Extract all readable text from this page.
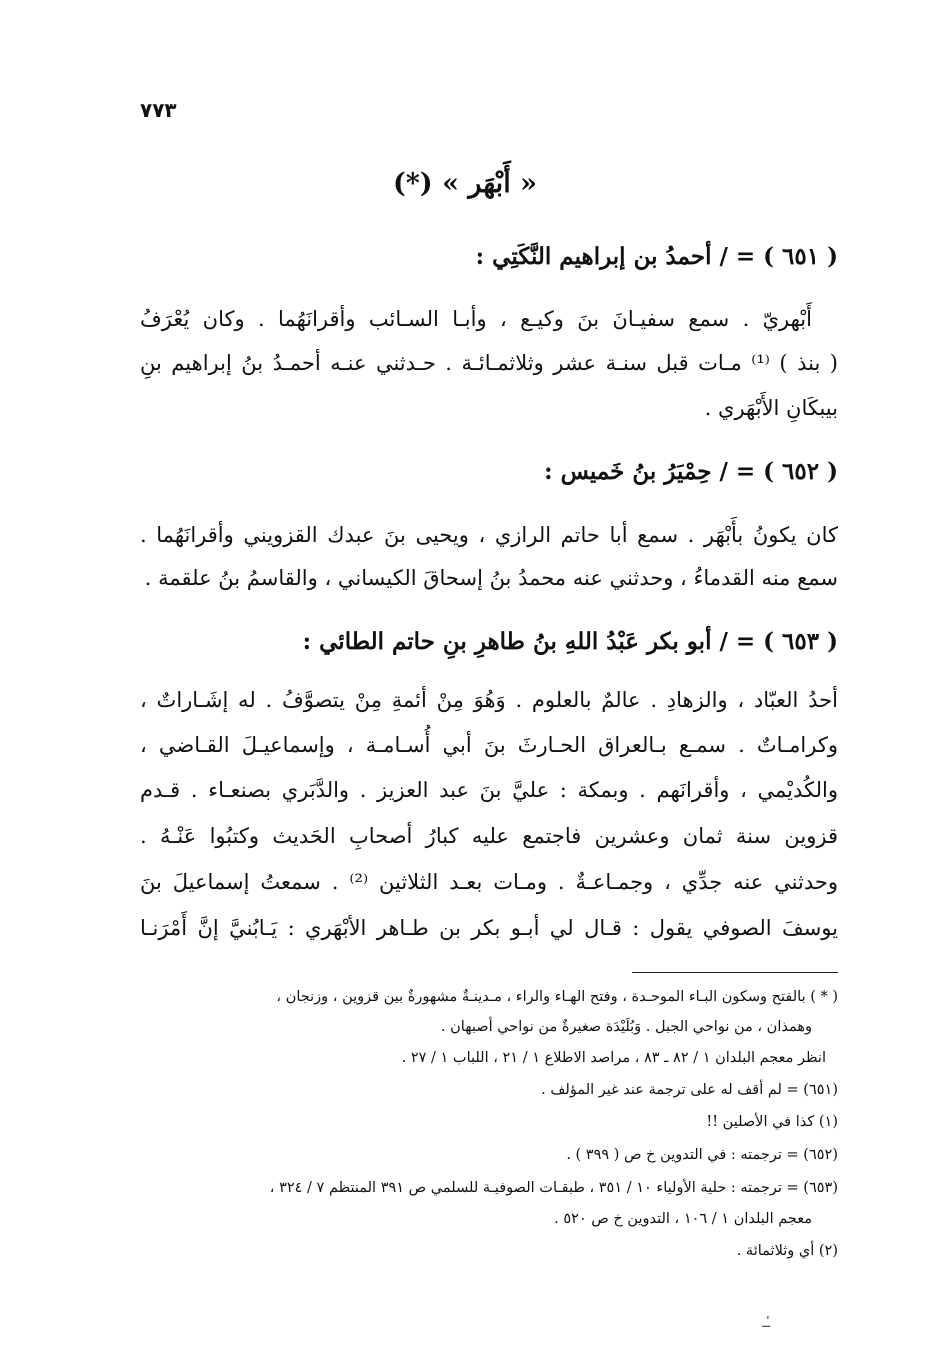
٧٧٣
« أَبْهَر » (*)
( ٦٥١ ) = / أحمدُ بن إبراهيم النَّكَتِي :
أَبْهريّ . سمع سفيـانَ بنَ وكيـع ، وأبـا السـائب وأقرانَهُما . وكان يُعْرَفُ
( بنذ ) ⁽¹⁾ مـات قبل سنـة عشر وثلاثمـائـة . حـدثني عنـه أحمـدُ بنُ إبراهيم بنِ
بيبكَانِ الأَبْهَري .
( ٦٥٢ ) = / حِمْيَرُ بنُ خَميس :
كان يكونُ بأَبْهَر . سمع أبا حاتم الرازي ، ويحيى بنَ عبدك القزويني وأقرانَهُما .
سمع منه القدماءُ ، وحدثني عنه محمدُ بنُ إسحاقَ الكيساني ، والقاسمُ بنُ علقمة .
( ٦٥٣ ) = / أبو بكر عَبْدُ اللهِ بنُ طاهرِ بنِ حاتم الطائي :
أحدُ العبّاد ، والزهادِ . عالمٌ بالعلوم . وَهُوَ مِنْ أئمةِ مِنْ يتصوَّفُ . له إشَـاراتٌ ،
وكرامـاتٌ . سمـع بـالعراق الحـارثَ بنَ أبي أُسـامـة ، وإسماعيـلَ القـاضي ،
والكُديْمي ، وأقرانَهم . وبمكة : عليَّ بنَ عبد العزيز . والدَّبَري بصنعـاء . قـدم
قزوين سنة ثمان وعشرين فاجتمع عليه كبارُ أصحابِ الحَديث وكتبُوا عَنْـهُ .
وحدثني عنه جدِّي ، وجمـاعـةٌ . ومـات بعـد الثلاثين ⁽²⁾ . سمعتُ إسماعيلَ بنَ
يوسفَ الصوفي يقول : قـال لي أبـو بكر بن طـاهر الأبْهَري : يَـابُنيَّ إنَّ أَمْرَنـا
( * ) بالفتح وسكون البـاء الموحـدة ، وفتح الهـاء والراء ، مـدينـةٌ مشهورةٌ بين قزوين ، وزنجان ،
وهمذان ، من نواحي الجبل . وَبُلَيْدَة صغيرةٌ من نواحي أصبهان .
انظر معجم البلدان ١ / ٨٢ ـ ٨٣ ، مراصد الاطلاع ١ / ٢١ ، اللباب ١ / ٢٧ .
(٦٥١) = لم أقف له على ترجمة عند غير المؤلف .
(١) كذا في الأصلين !!
(٦٥٢) = ترجمته : في التدوين خ ص ( ٣٩٩ ) .
(٦٥٣) = ترجمته : حلية الأولياء ١٠ / ٣٥١ ، طبقـات الصوفيـة للسلمي ص ٣٩١ المنتظم ٧ / ٣٢٤ ،
معجم البلدان ١ / ١٠٦ ، التدوين خ ص ٥٢٠ .
(٢) أي وثلاثمائة .
ـٔـ
